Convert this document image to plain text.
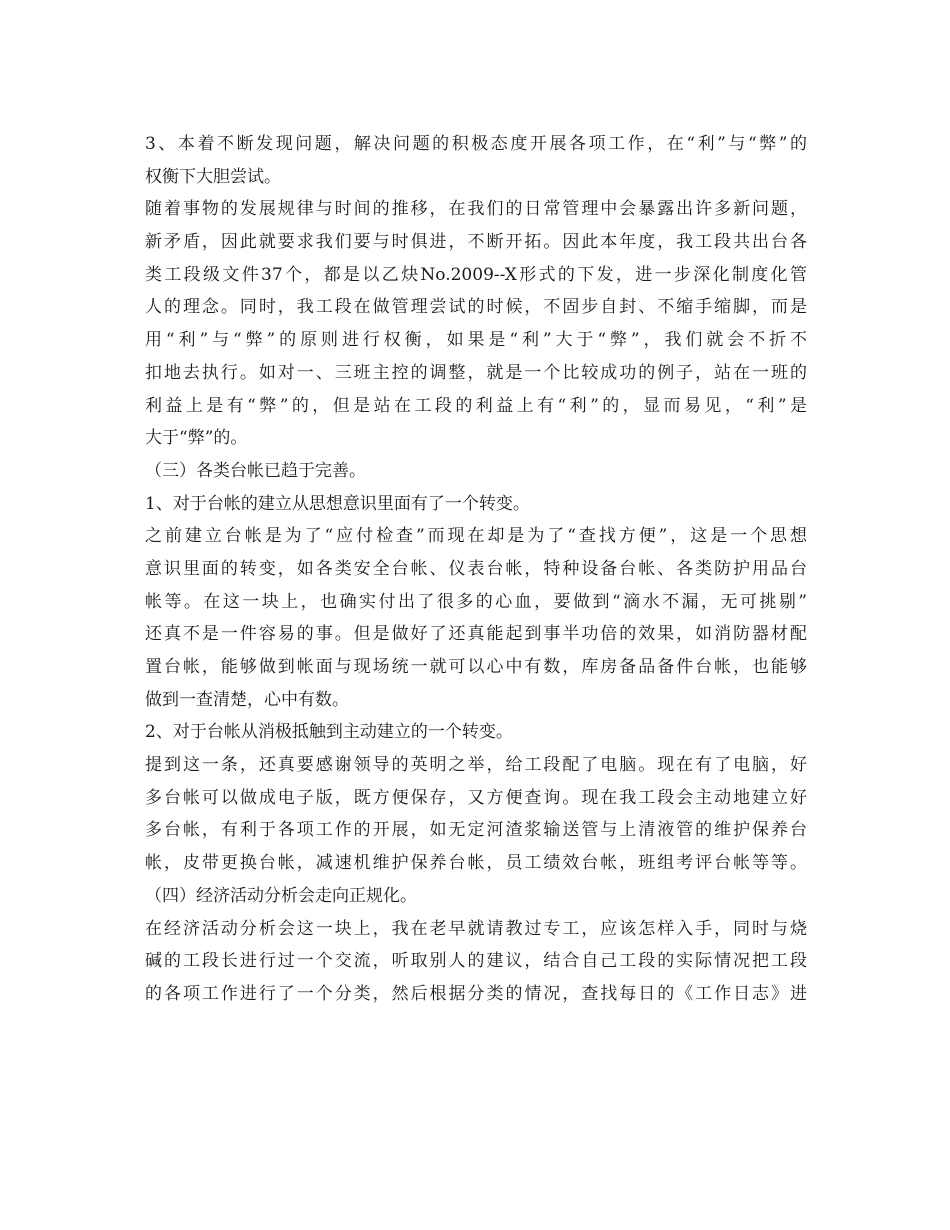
3、本着不断发现问题，解决问题的积极态度开展各项工作，在“利”与“弊”的
权衡下大胆尝试。
随着事物的发展规律与时间的推移，在我们的日常管理中会暴露出许多新问题，
新矛盾，因此就要求我们要与时俱进，不断开拓。因此本年度，我工段共出台各
类工段级文件37个，都是以乙炔No.2009--X形式的下发，进一步深化制度化管
人的理念。同时，我工段在做管理尝试的时候，不固步自封、不缩手缩脚，而是
用“利”与“弊”的原则进行权衡，如果是“利”大于“弊”，我们就会不折不
扣地去执行。如对一、三班主控的调整，就是一个比较成功的例子，站在一班的
利益上是有“弊”的，但是站在工段的利益上有“利”的，显而易见，“利”是
大于“弊”的。
（三）各类台帐已趋于完善。
1、对于台帐的建立从思想意识里面有了一个转变。
之前建立台帐是为了“应付检查”而现在却是为了“查找方便”，这是一个思想
意识里面的转变，如各类安全台帐、仪表台帐，特种设备台帐、各类防护用品台
帐等。在这一块上，也确实付出了很多的心血，要做到“滴水不漏，无可挑剔”
还真不是一件容易的事。但是做好了还真能起到事半功倍的效果，如消防器材配
置台帐，能够做到帐面与现场统一就可以心中有数，库房备品备件台帐，也能够
做到一查清楚，心中有数。
2、对于台帐从消极抵触到主动建立的一个转变。
提到这一条，还真要感谢领导的英明之举，给工段配了电脑。现在有了电脑，好
多台帐可以做成电子版，既方便保存，又方便查询。现在我工段会主动地建立好
多台帐，有利于各项工作的开展，如无定河渣浆输送管与上清液管的维护保养台
帐，皮带更换台帐，减速机维护保养台帐，员工绩效台帐，班组考评台帐等等。
（四）经济活动分析会走向正规化。
在经济活动分析会这一块上，我在老早就请教过专工，应该怎样入手，同时与烧
碱的工段长进行过一个交流，听取别人的建议，结合自己工段的实际情况把工段
的各项工作进行了一个分类，然后根据分类的情况，查找每日的《工作日志》进
